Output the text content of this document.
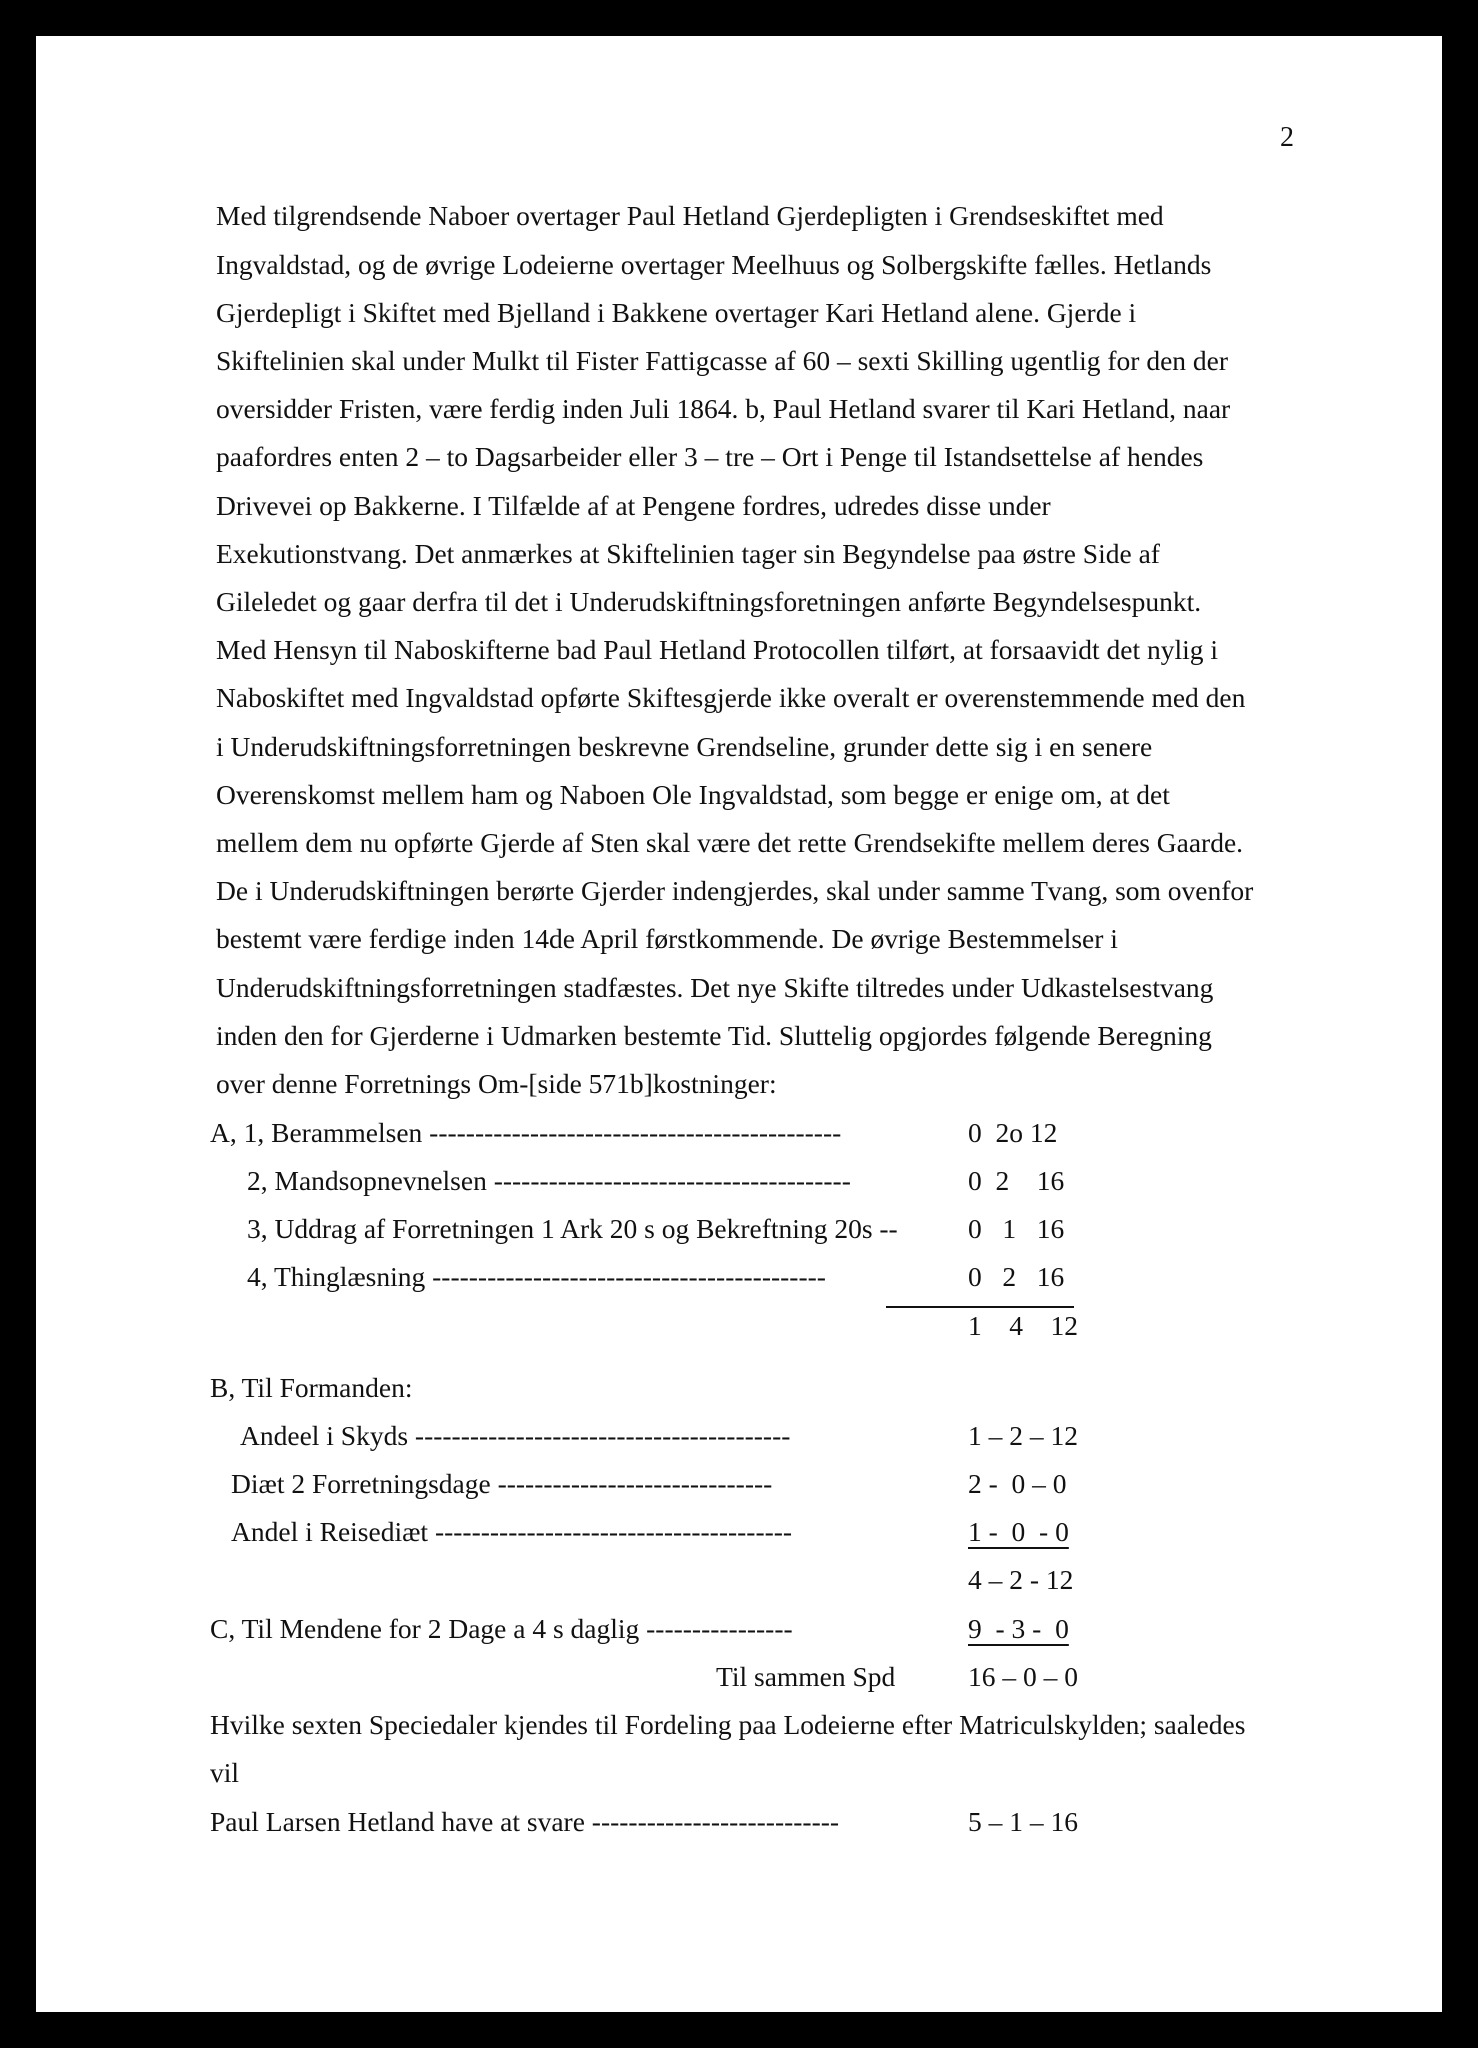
2
Med tilgrendsende Naboer overtager Paul Hetland Gjerdepligten i Grendseskiftet med
Ingvaldstad, og de øvrige Lodeierne overtager Meelhuus og Solbergskifte fælles. Hetlands
Gjerdepligt i Skiftet med Bjelland i Bakkene overtager Kari Hetland alene. Gjerde i
Skiftelinien skal under Mulkt til Fister Fattigcasse af 60 – sexti Skilling ugentlig for den der
oversidder Fristen, være ferdig inden Juli 1864. b, Paul Hetland svarer til Kari Hetland, naar
paafordres enten 2 – to Dagsarbeider eller 3 – tre – Ort i Penge til Istandsettelse af hendes
Drivevei op Bakkerne. I Tilfælde af at Pengene fordres, udredes disse under
Exekutionstvang. Det anmærkes at Skiftelinien tager sin Begyndelse paa østre Side af
Gileledet og gaar derfra til det i Underudskiftningsforetningen anførte Begyndelsespunkt.
Med Hensyn til Naboskifterne bad Paul Hetland Protocollen tilført, at forsaavidt det nylig i
Naboskiftet med Ingvaldstad opførte Skiftesgjerde ikke overalt er overenstemmende med den
i Underudskiftningsforretningen beskrevne Grendseline, grunder dette sig i en senere
Overenskomst mellem ham og Naboen Ole Ingvaldstad, som begge er enige om, at det
mellem dem nu opførte Gjerde af Sten skal være det rette Grendsekifte mellem deres Gaarde.
De i Underudskiftningen berørte Gjerder indengjerdes, skal under samme Tvang, som ovenfor
bestemt være ferdige inden 14de April førstkommende. De øvrige Bestemmelser i
Underudskiftningsforretningen stadfæstes. Det nye Skifte tiltredes under Udkastelsestvang
inden den for Gjerderne i Udmarken bestemte Tid. Sluttelig opgjordes følgende Beregning
over denne Forretnings Om-[side 571b]kostninger:
A, 1, Berammelsen ---------------------------------------------	0  2o 12
2, Mandsopnevnelsen ---------------------------------------	0  2    16
3, Uddrag af Forretningen 1 Ark 20 s og Bekreftning 20s --	0   1   16
4, Thinglæsning -------------------------------------------	0   2   16
1    4    12
B, Til Formanden:
Andeel i Skyds -----------------------------------------	1 – 2 – 12
Diæt 2 Forretningsdage ------------------------------	2 -  0 – 0
Andel i Reisediæt ---------------------------------------	1 -  0  - 0
4 – 2 - 12
C, Til Mendene for 2 Dage a 4 s daglig ----------------	9  - 3 -  0
Til sammen Spd	16 – 0 – 0
Hvilke sexten Speciedaler kjendes til Fordeling paa Lodeierne efter Matriculskylden; saaledes
vil
Paul Larsen Hetland have at svare ---------------------------	5 – 1 – 16
